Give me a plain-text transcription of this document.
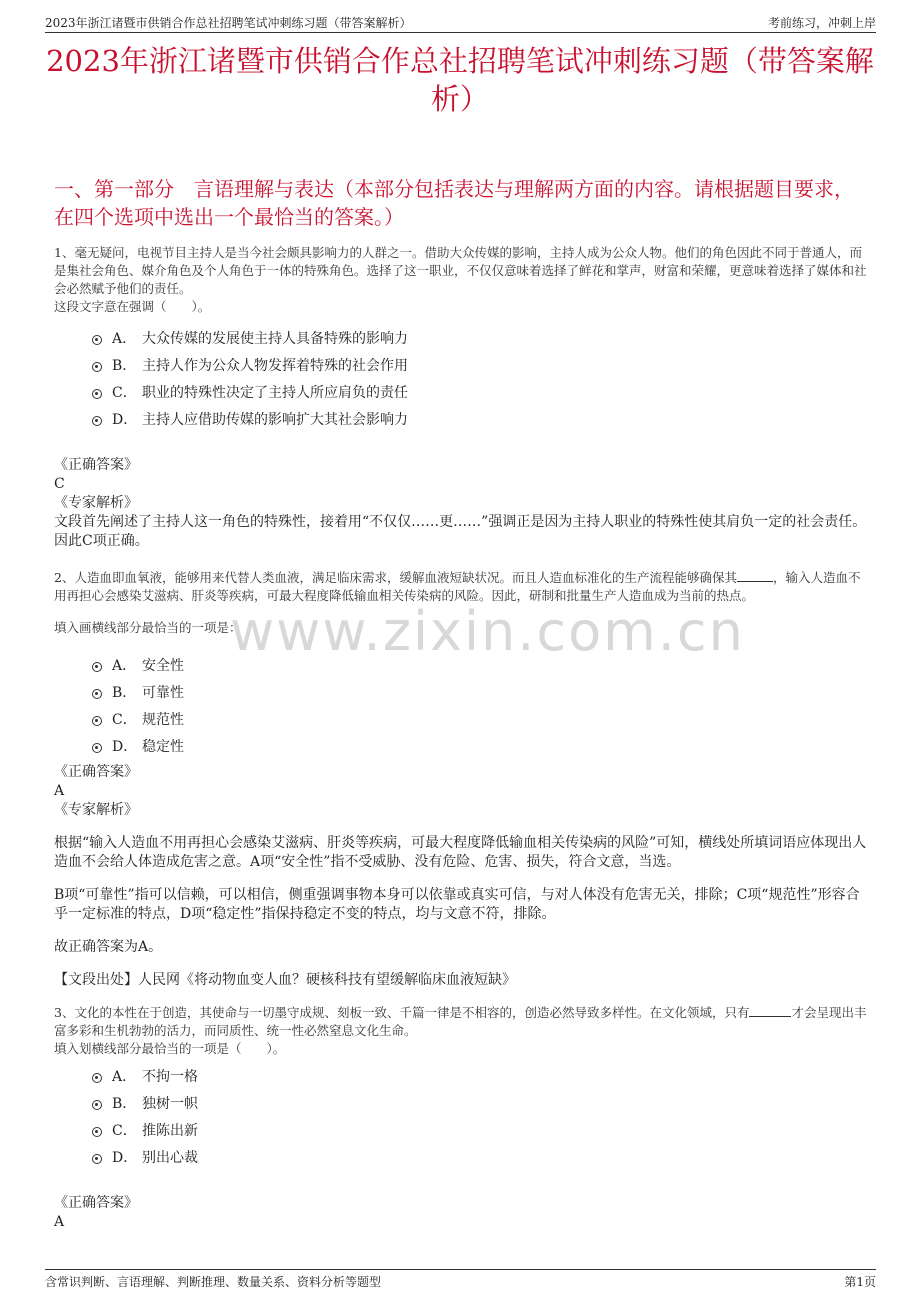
2023年浙江诸暨市供销合作总社招聘笔试冲刺练习题（带答案解析）	考前练习，冲刺上岸
2023年浙江诸暨市供销合作总社招聘笔试冲刺练习题（带答案解析）
一、第一部分　言语理解与表达（本部分包括表达与理解两方面的内容。请根据题目要求，在四个选项中选出一个最恰当的答案。）
www.zixin.com.cn

1、毫无疑问，电视节目主持人是当今社会颇具影响力的人群之一。借助大众传媒的影响，主持人成为公众人物。他们的角色因此不同于普通人，而是集社会角色、媒介角色及个人角色于一体的特殊角色。选择了这一职业，不仅仅意味着选择了鲜花和掌声，财富和荣耀，更意味着选择了媒体和社会必然赋予他们的责任。

这段文字意在强调（　　）。

A． 大众传媒的发展使主持人具备特殊的影响力
B． 主持人作为公众人物发挥着特殊的社会作用
C． 职业的特殊性决定了主持人所应肩负的责任
D． 主持人应借助传媒的影响扩大其社会影响力

《正确答案》

C

《专家解析》

文段首先阐述了主持人这一角色的特殊性，接着用“不仅仅……更……”强调正是因为主持人职业的特殊性使其肩负一定的社会责任。因此C项正确。

2、人造血即血氧液，能够用来代替人类血液，满足临床需求，缓解血液短缺状况。而且人造血标准化的生产流程能够确保其	，输入人造血不用再担心会感染艾滋病、肝炎等疾病，可最大程度降低输血相关传染病的风险。因此，研制和批量生产人造血成为当前的热点。

填入画横线部分最恰当的一项是：

A． 安全性
B． 可靠性
C． 规范性
D． 稳定性

《正确答案》

A

《专家解析》

根据“输入人造血不用再担心会感染艾滋病、肝炎等疾病，可最大程度降低输血相关传染病的风险”可知，横线处所填词语应体现出人造血不会给人体造成危害之意。A项“安全性”指不受威胁、没有危险、危害、损失，符合文意，当选。

B项“可靠性”指可以信赖，可以相信，侧重强调事物本身可以依靠或真实可信，与对人体没有危害无关，排除；C项“规范性”形容合乎一定标准的特点，D项“稳定性”指保持稳定不变的特点，均与文意不符，排除。

故正确答案为A。

【文段出处】人民网《将动物血变人血？硬核科技有望缓解临床血液短缺》

3、文化的本性在于创造，其使命与一切墨守成规、刻板一致、千篇一律是不相容的，创造必然导致多样性。在文化领域，只有	才会呈现出丰富多彩和生机勃勃的活力，而同质性、统一性必然窒息文化生命。

填入划横线部分最恰当的一项是（　　）。

A． 不拘一格
B． 独树一帜
C． 推陈出新
D． 别出心裁

《正确答案》

A

含常识判断、言语理解、判断推理、数量关系、资料分析等题型	第1页
